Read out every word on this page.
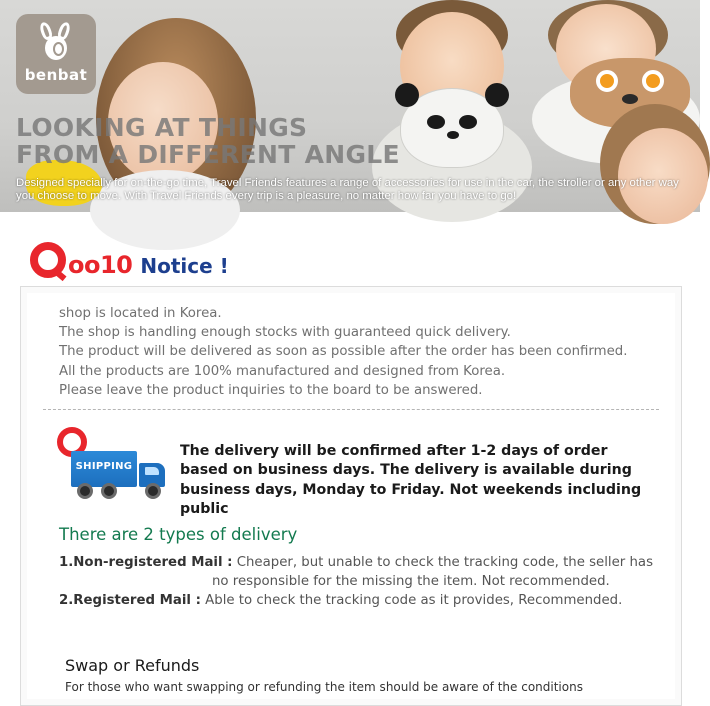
benbat
LOOKING AT THINGS
FROM A DIFFERENT ANGLE
Designed specially for on-the-go time, Travel Friends features a range of accessories for use in the car, the stroller or any other way you choose to move. With Travel Friends every trip is a pleasure, no matter how far you have to go!
oo10 Notice !
shop is located in Korea.
The shop is handling enough stocks with guaranteed quick delivery.
The product will be delivered as soon as possible after the order has been confirmed.
All the products are 100% manufactured and designed from Korea.
Please leave the product inquiries to the board to be answered.
SHIPPING
The delivery will be confirmed after 1-2 days of order based on business days. The delivery is available during business days, Monday to Friday. Not weekends including public
There are 2 types of delivery
1.Non-registered Mail : Cheaper, but unable to check the tracking code, the seller has
no responsible for the missing the item. Not recommended.
2.Registered Mail : Able to check the tracking code as it provides, Recommended.
Swap or Refunds
For those who want swapping or refunding the item should be aware of the conditions
